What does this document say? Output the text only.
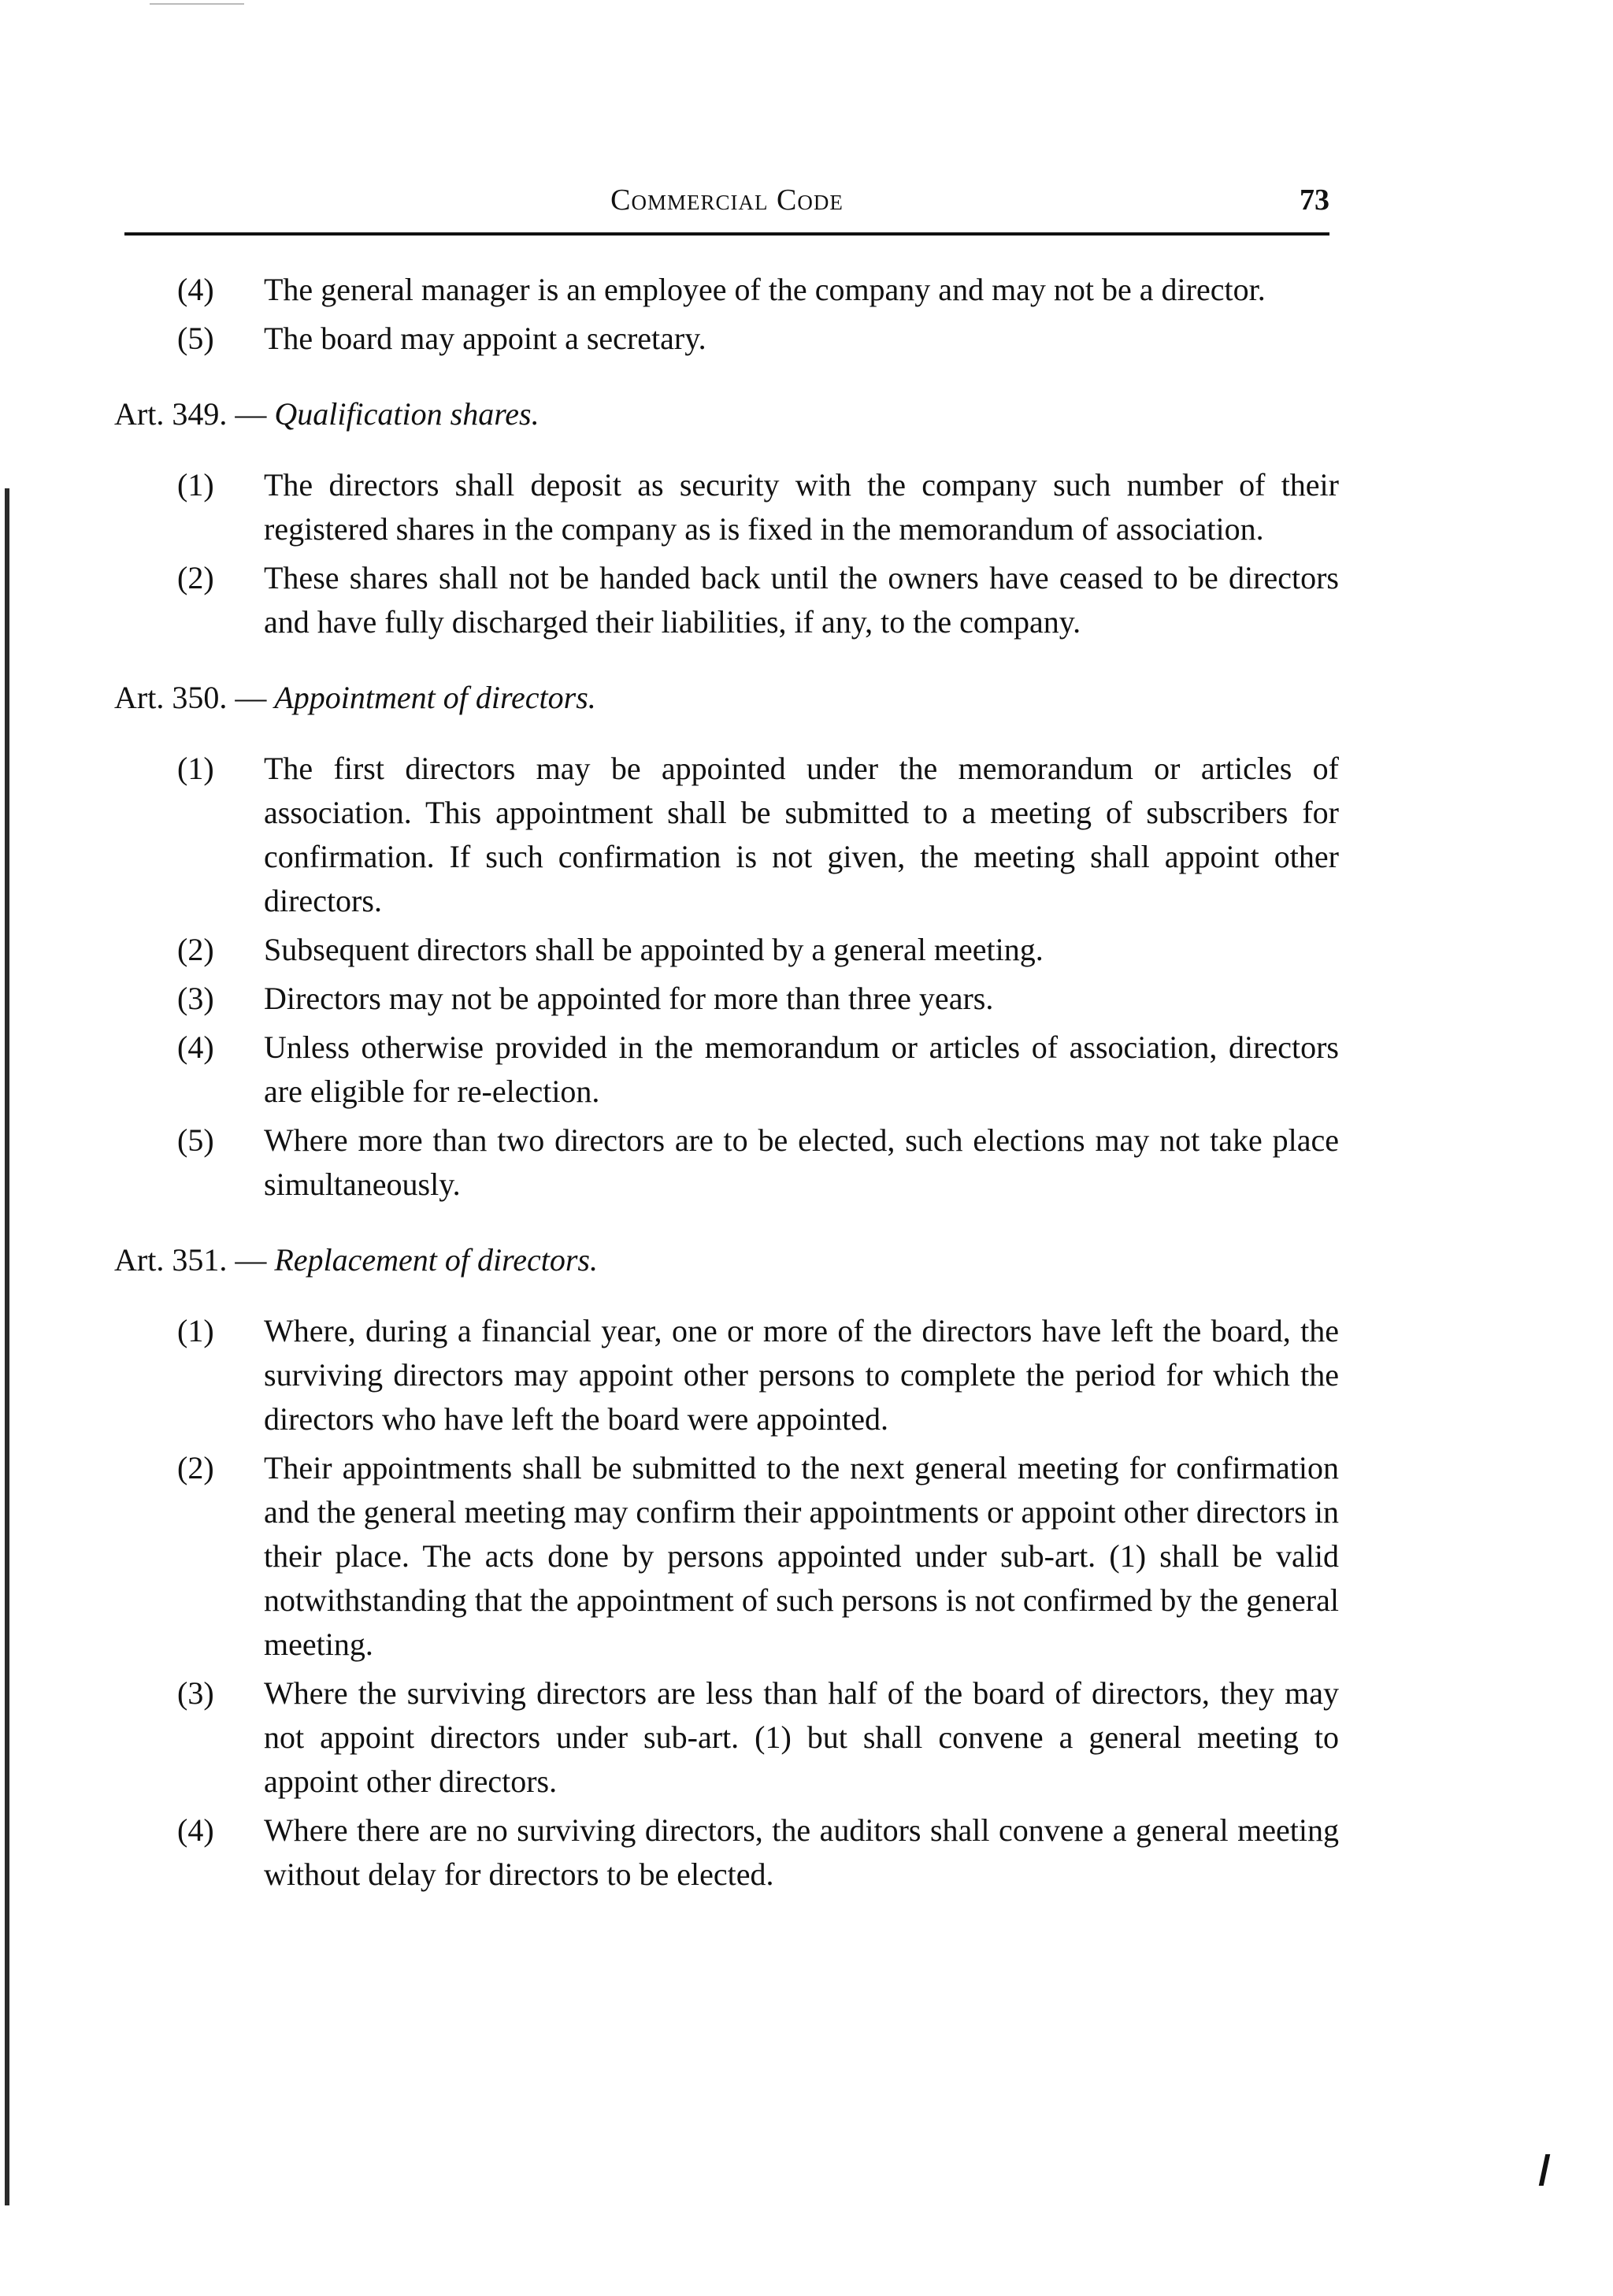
Commercial Code	73
(4)	The general manager is an employee of the company and may not be a director.
(5)	The board may appoint a secretary.
Art. 349. — Qualification shares.
(1)	The directors shall deposit as security with the company such number of their registered shares in the company as is fixed in the memorandum of association.
(2)	These shares shall not be handed back until the owners have ceased to be directors and have fully discharged their liabilities, if any, to the company.
Art. 350. — Appointment of directors.
(1)	The first directors may be appointed under the memorandum or articles of association. This appointment shall be submitted to a meeting of subscribers for confirmation. If such confirmation is not given, the meeting shall appoint other directors.
(2)	Subsequent directors shall be appointed by a general meeting.
(3)	Directors may not be appointed for more than three years.
(4)	Unless otherwise provided in the memorandum or articles of association, directors are eligible for re-election.
(5)	Where more than two directors are to be elected, such elections may not take place simultaneously.
Art. 351. — Replacement of directors.
(1)	Where, during a financial year, one or more of the directors have left the board, the surviving directors may appoint other persons to complete the period for which the directors who have left the board were appointed.
(2)	Their appointments shall be submitted to the next general meeting for confirmation and the general meeting may confirm their appointments or appoint other directors in their place. The acts done by persons appointed under sub-art. (1) shall be valid notwithstanding that the appointment of such persons is not confirmed by the general meeting.
(3)	Where the surviving directors are less than half of the board of directors, they may not appoint directors under sub-art. (1) but shall convene a general meeting to appoint other directors.
(4)	Where there are no surviving directors, the auditors shall convene a general meeting without delay for directors to be elected.
